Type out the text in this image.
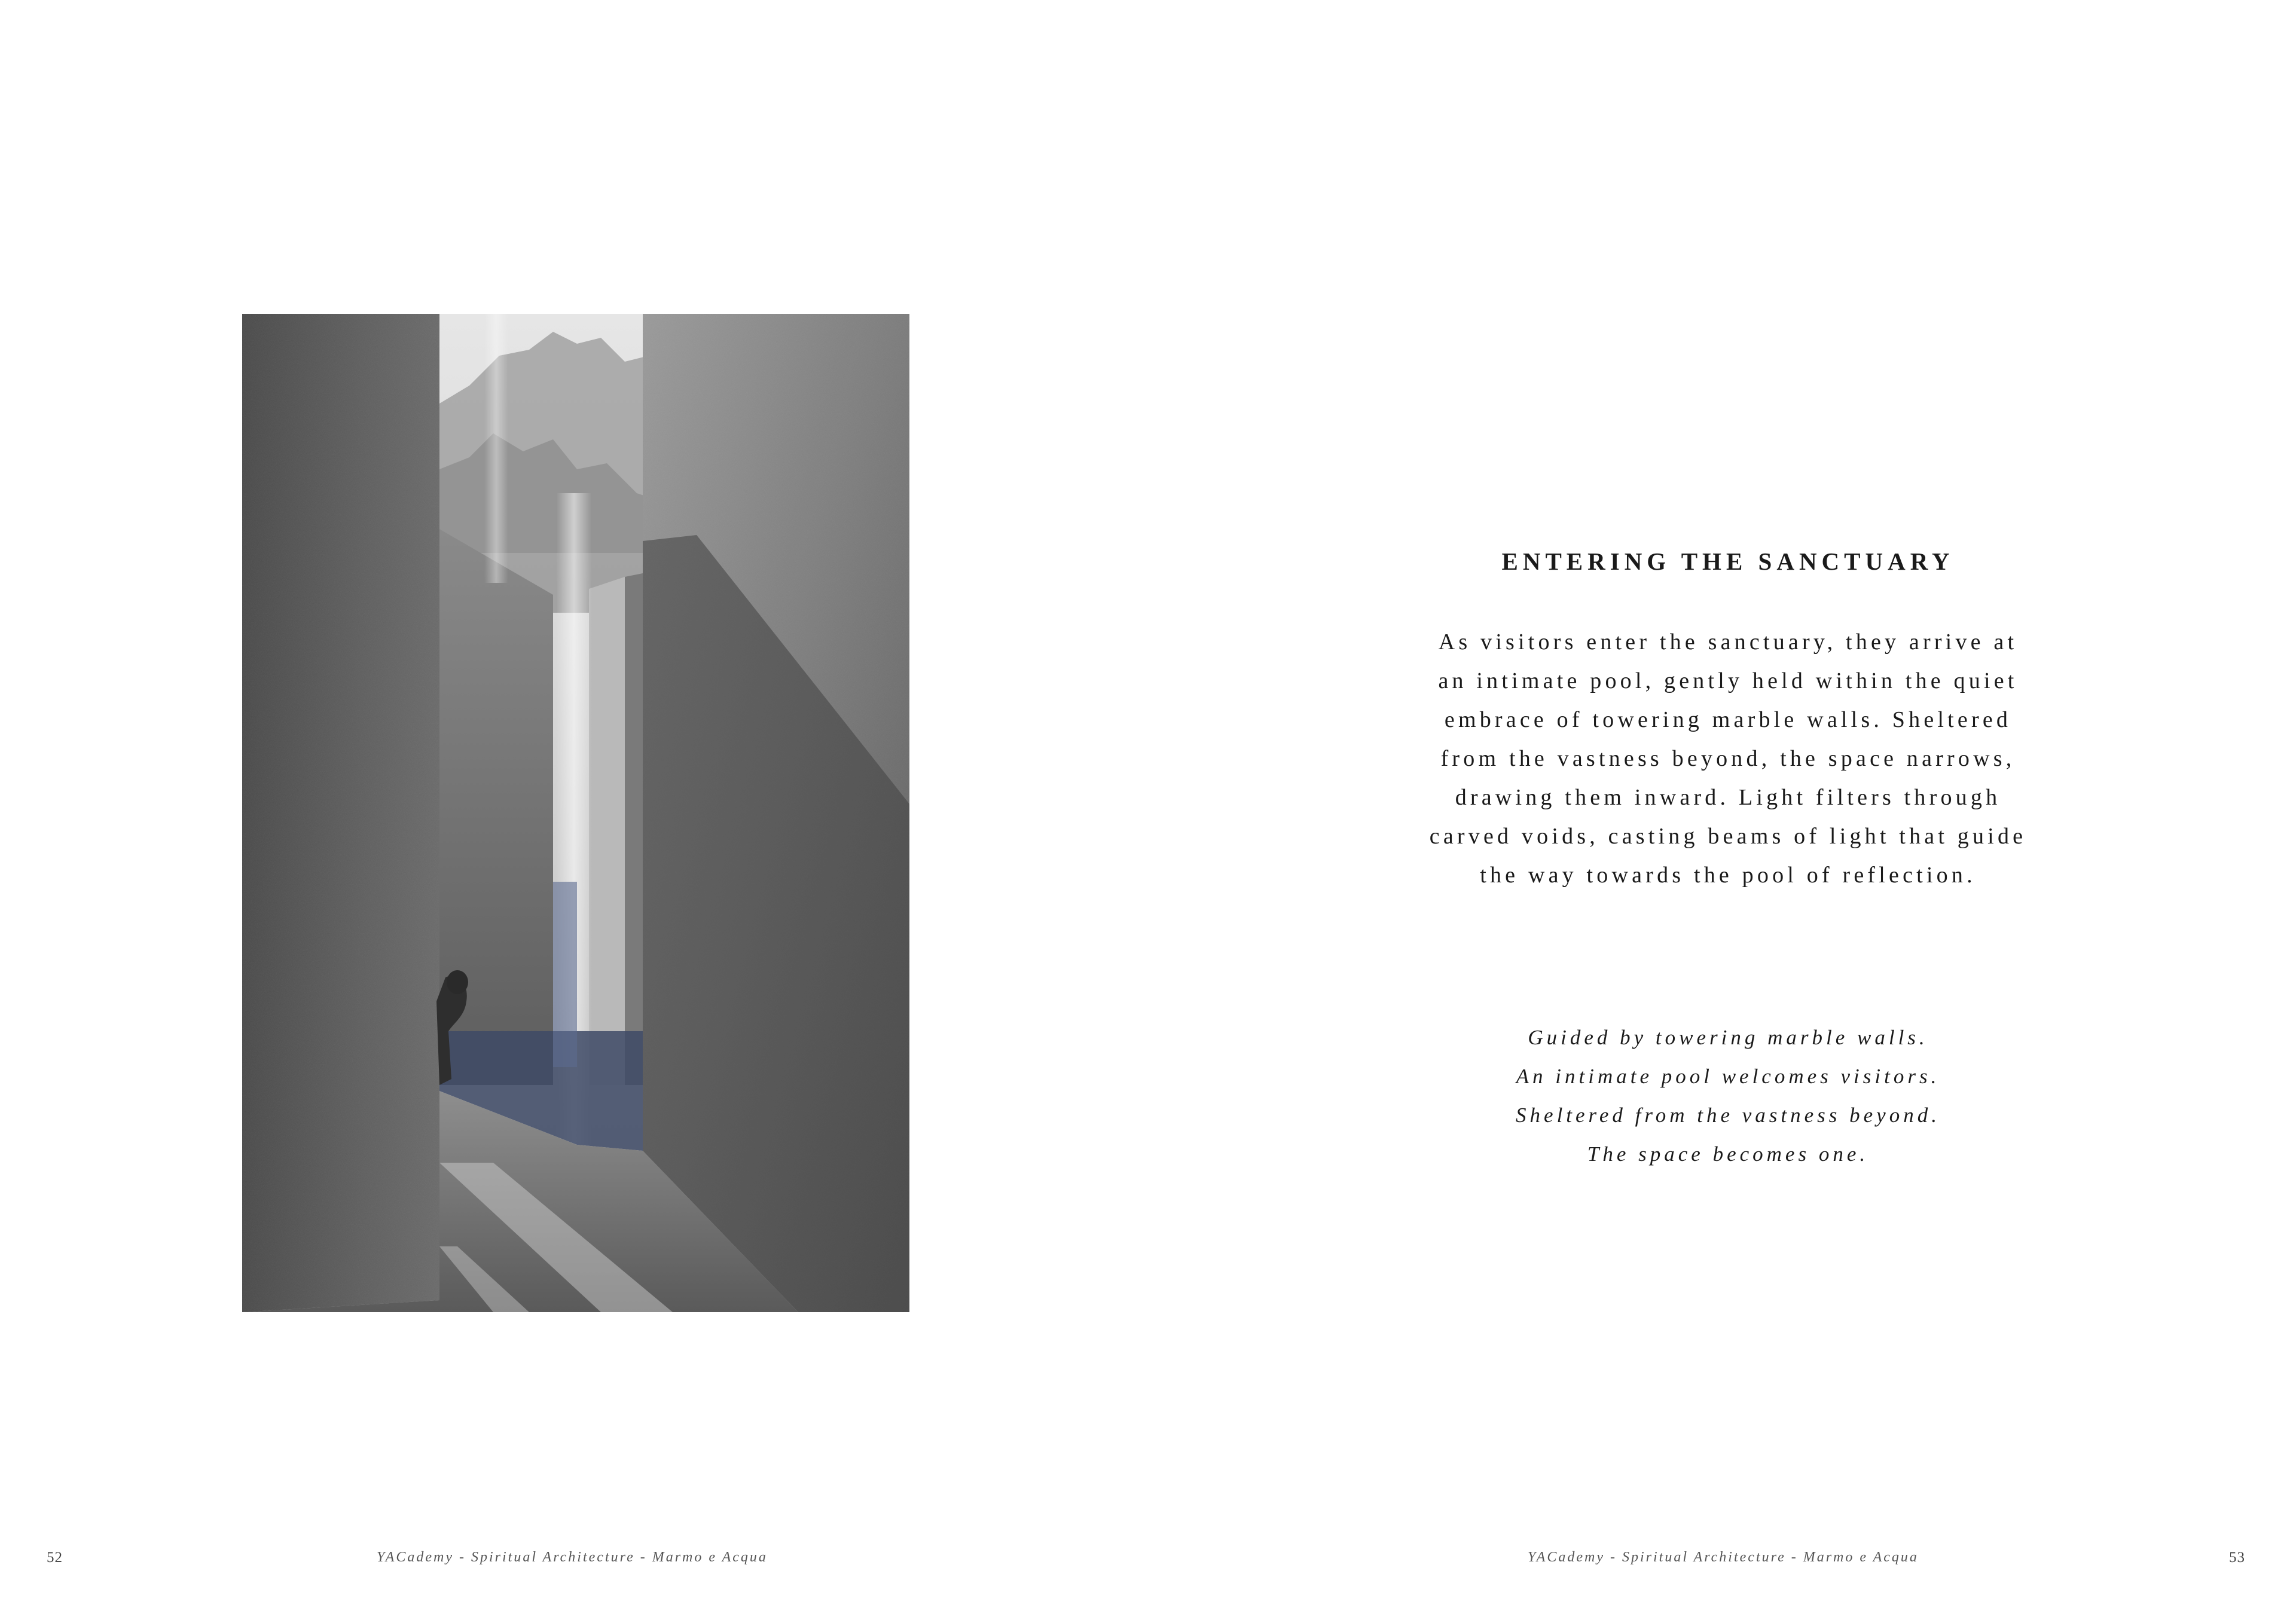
52	YACademy - Spiritual Architecture - Marmo e Acqua
ENTERING THE SANCTUARY

As visitors enter the sanctuary, they arrive at
an intimate pool, gently held within the quiet
embrace of towering marble walls. Sheltered
from the vastness beyond, the space narrows,
drawing them inward. Light filters through
carved voids, casting beams of light that guide
the way towards the pool of reflection.

Guided by towering marble walls.
An intimate pool welcomes visitors.
Sheltered from the vastness beyond.
The space becomes one.

YACademy - Spiritual Architecture - Marmo e Acqua	53
